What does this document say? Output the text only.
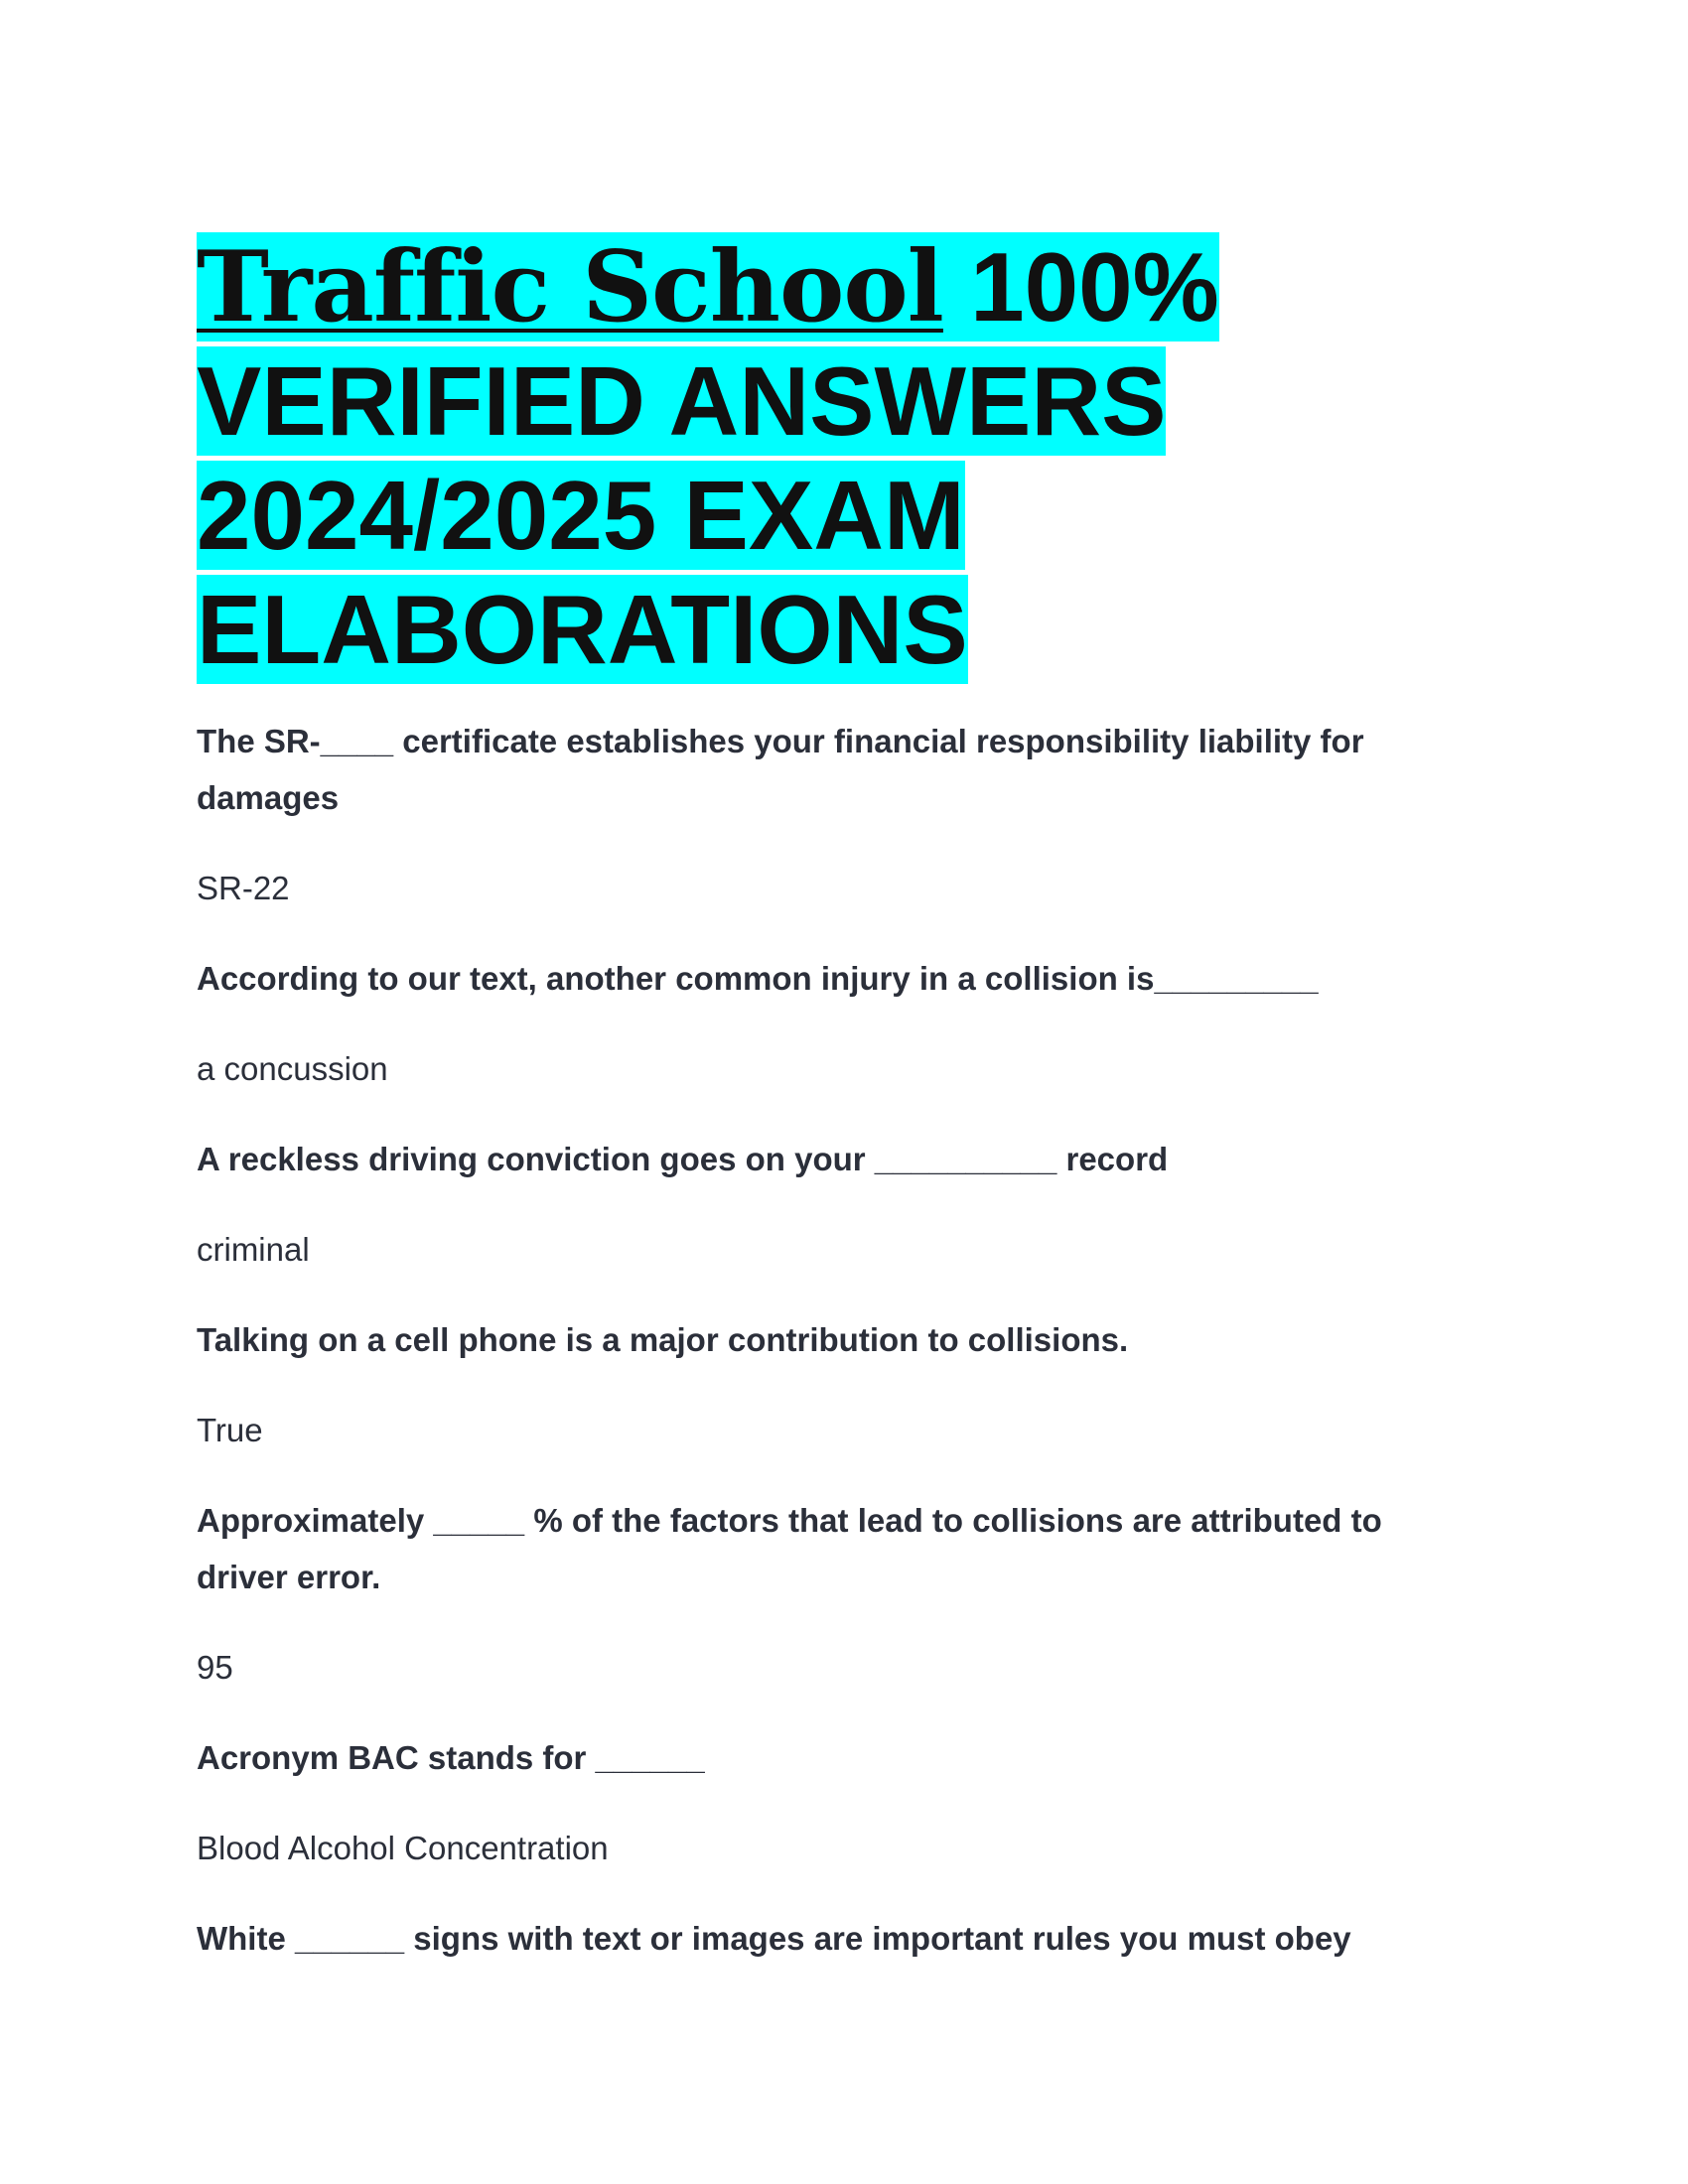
Traffic School 100%
VERIFIED ANSWERS
2024/2025 EXAM
ELABORATIONS

The SR-____ certificate establishes your financial responsibility liability for damages

SR-22

According to our text, another common injury in a collision is_________

a concussion

A reckless driving conviction goes on your __________ record

criminal

Talking on a cell phone is a major contribution to collisions.

True

Approximately _____ % of the factors that lead to collisions are attributed to driver error.

95

Acronym BAC stands for ______

Blood Alcohol Concentration

White ______ signs with text or images are important rules you must obey
